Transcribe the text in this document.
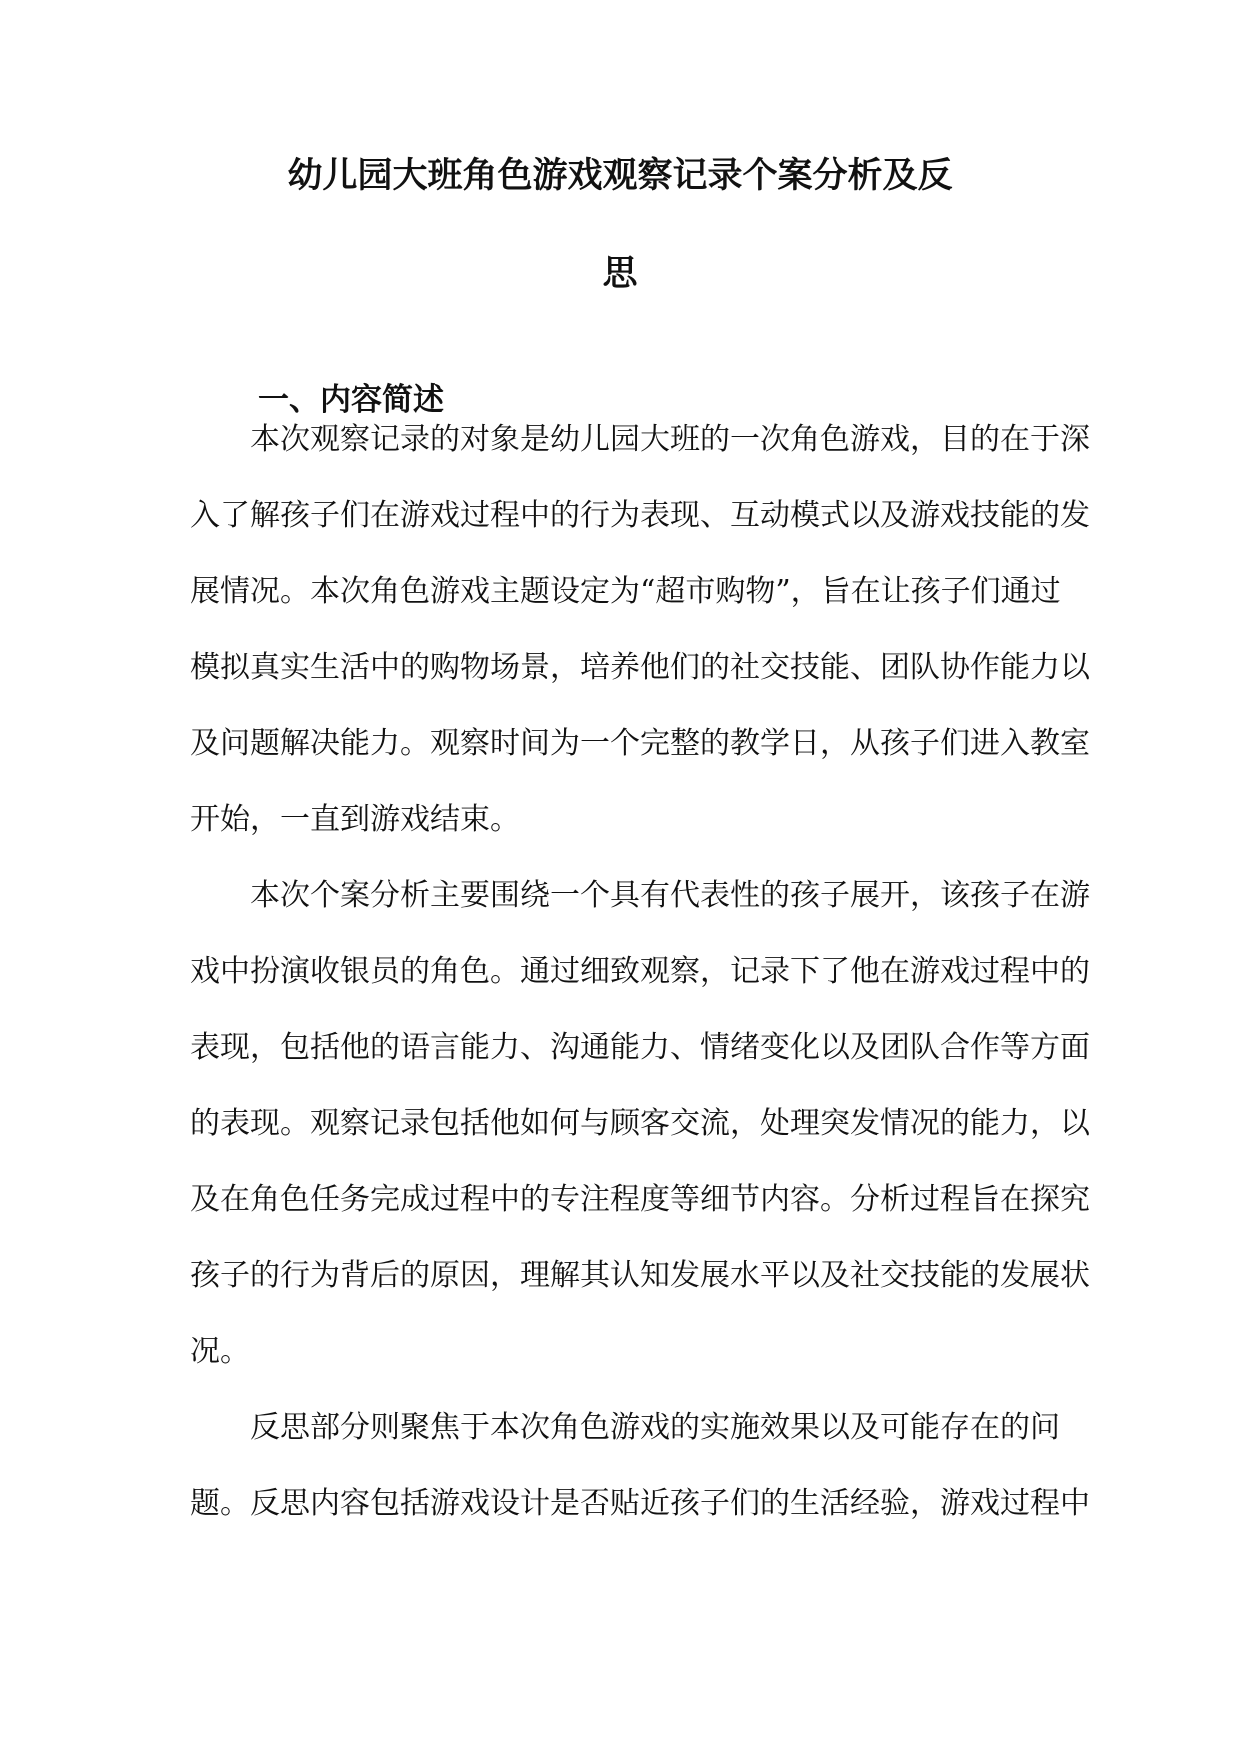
幼儿园大班角色游戏观察记录个案分析及反
思
一、内容简述

本次观察记录的对象是幼儿园大班的一次角色游戏，目的在于深

入了解孩子们在游戏过程中的行为表现、互动模式以及游戏技能的发

展情况。本次角色游戏主题设定为“超市购物”，旨在让孩子们通过

模拟真实生活中的购物场景，培养他们的社交技能、团队协作能力以

及问题解决能力。观察时间为一个完整的教学日，从孩子们进入教室

开始，一直到游戏结束。

本次个案分析主要围绕一个具有代表性的孩子展开，该孩子在游

戏中扮演收银员的角色。通过细致观察，记录下了他在游戏过程中的

表现，包括他的语言能力、沟通能力、情绪变化以及团队合作等方面

的表现。观察记录包括他如何与顾客交流，处理突发情况的能力，以

及在角色任务完成过程中的专注程度等细节内容。分析过程旨在探究

孩子的行为背后的原因，理解其认知发展水平以及社交技能的发展状

况。

反思部分则聚焦于本次角色游戏的实施效果以及可能存在的问

题。反思内容包括游戏设计是否贴近孩子们的生活经验，游戏过程中
